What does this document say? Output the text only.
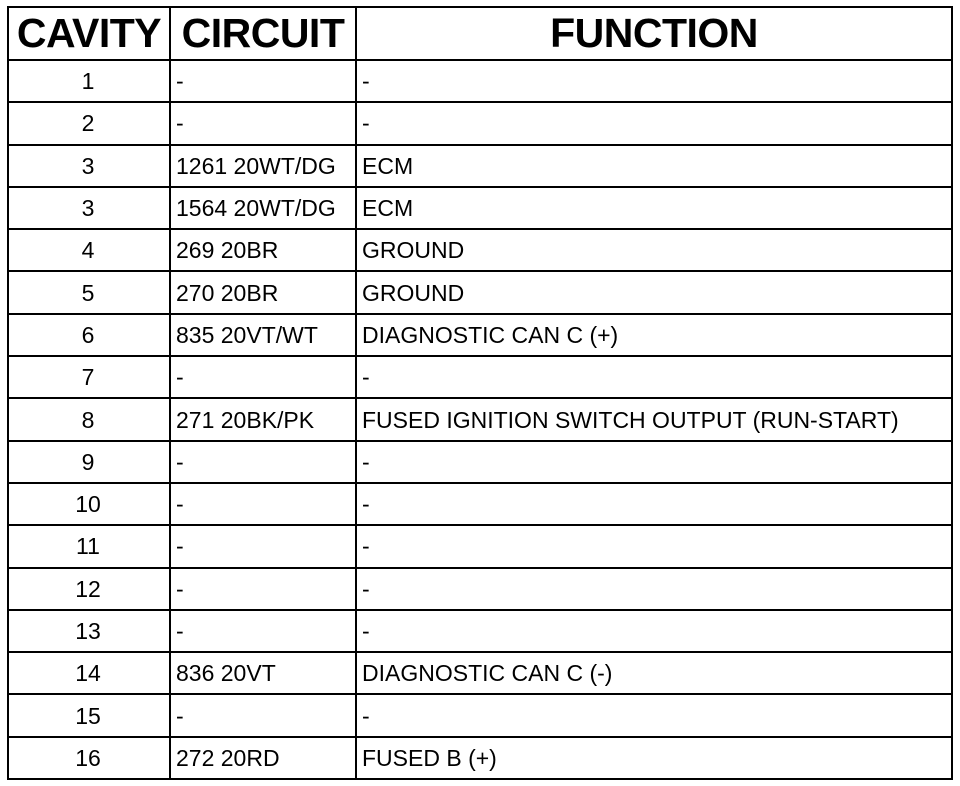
CAVITY	CIRCUIT	FUNCTION
1	-	-
2	-	-
3	1261 20WT/DG	ECM
3	1564 20WT/DG	ECM
4	269 20BR	GROUND
5	270 20BR	GROUND
6	835 20VT/WT	DIAGNOSTIC CAN C (+)
7	-	-
8	271 20BK/PK	FUSED IGNITION SWITCH OUTPUT (RUN-START)
9	-	-
10	-	-
11	-	-
12	-	-
13	-	-
14	836 20VT	DIAGNOSTIC CAN C (-)
15	-	-
16	272 20RD	FUSED B (+)
